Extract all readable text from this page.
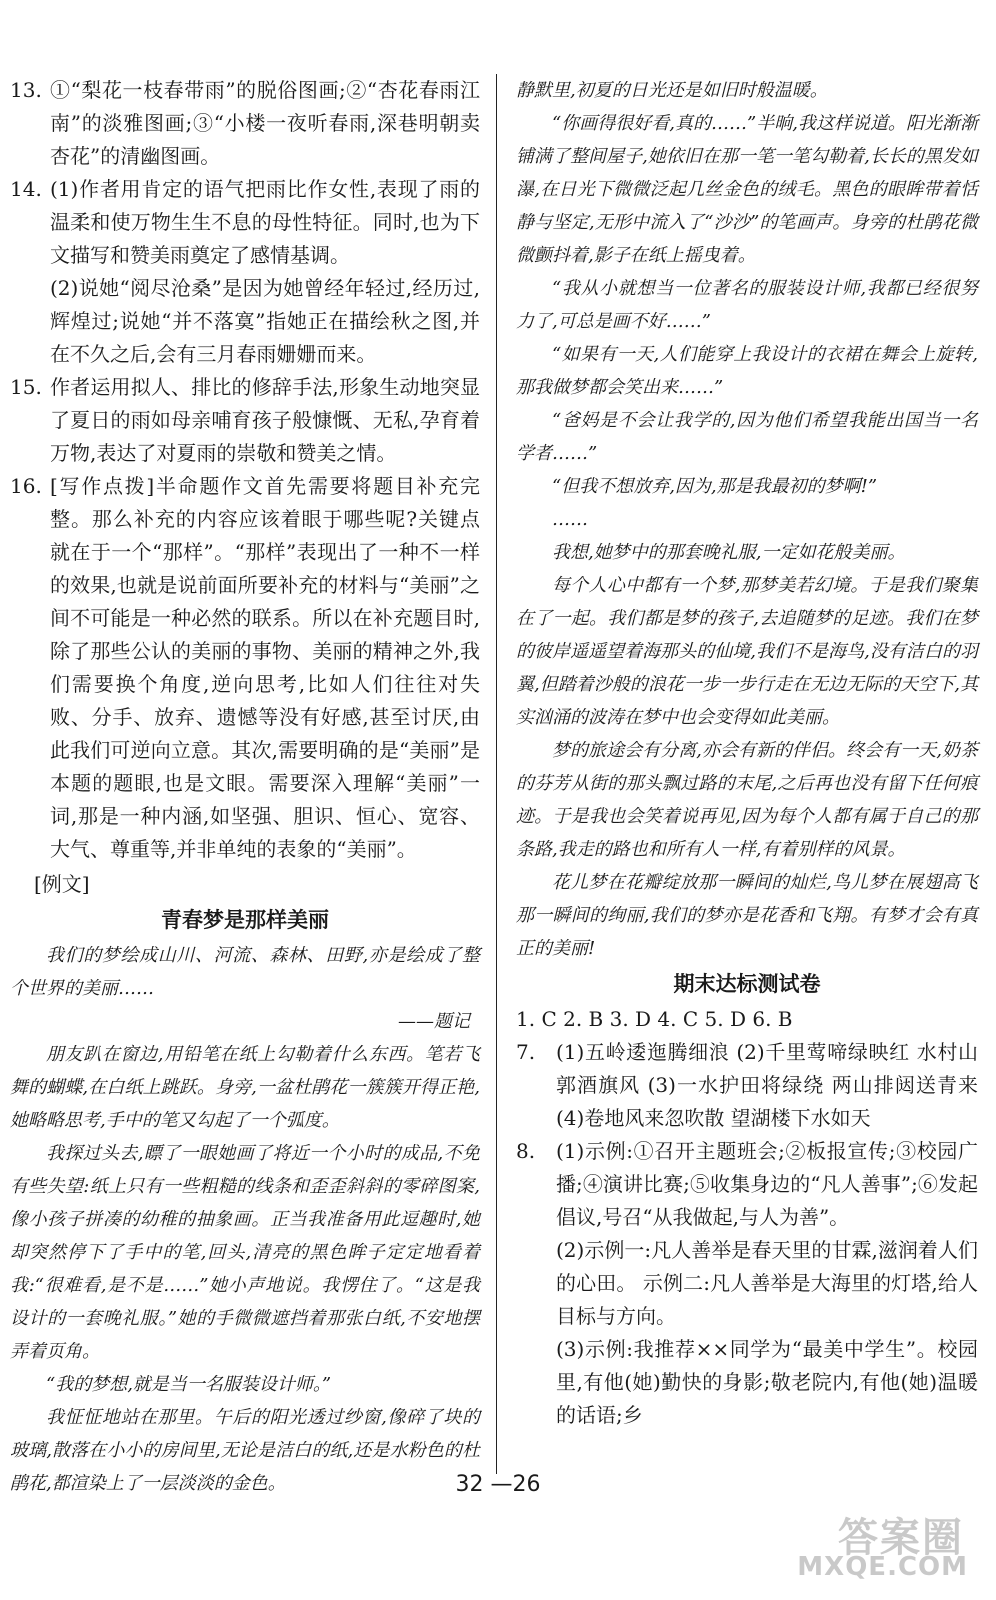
13. ①“梨花一枝春带雨”的脱俗图画;②“杏花春雨江南”的淡雅图画;③“小楼一夜听春雨,深巷明朝卖杏花”的清幽图画。

14. (1)作者用肯定的语气把雨比作女性,表现了雨的温柔和使万物生生不息的母性特征。同时,也为下文描写和赞美雨奠定了感情基调。

(2)说她“阅尽沧桑”是因为她曾经年轻过,经历过,辉煌过;说她“并不落寞”指她正在描绘秋之图,并在不久之后,会有三月春雨姗姗而来。

15. 作者运用拟人、排比的修辞手法,形象生动地突显了夏日的雨如母亲哺育孩子般慷慨、无私,孕育着万物,表达了对夏雨的崇敬和赞美之情。

16. [写作点拨]半命题作文首先需要将题目补充完整。那么补充的内容应该着眼于哪些呢?关键点就在于一个“那样”。“那样”表现出了一种不一样的效果,也就是说前面所要补充的材料与“美丽”之间不可能是一种必然的联系。所以在补充题目时,除了那些公认的美丽的事物、美丽的精神之外,我们需要换个角度,逆向思考,比如人们往往对失败、分手、放弃、遗憾等没有好感,甚至讨厌,由此我们可逆向立意。其次,需要明确的是“美丽”是本题的题眼,也是文眼。需要深入理解“美丽”一词,那是一种内涵,如坚强、胆识、恒心、宽容、大气、尊重等,并非单纯的表象的“美丽”。

[例文]
青春梦是那样美丽

我们的梦绘成山川、河流、森林、田野,亦是绘成了整个世界的美丽……

——题记

朋友趴在窗边,用铅笔在纸上勾勒着什么东西。笔若飞舞的蝴蝶,在白纸上跳跃。身旁,一盆杜鹃花一簇簇开得正艳,她略略思考,手中的笔又勾起了一个弧度。

我探过头去,瞟了一眼她画了将近一个小时的成品,不免有些失望:纸上只有一些粗糙的线条和歪歪斜斜的零碎图案,像小孩子拼凑的幼稚的抽象画。正当我准备用此逗趣时,她却突然停下了手中的笔,回头,清亮的黑色眸子定定地看着我:“很难看,是不是……”她小声地说。我愣住了。“这是我设计的一套晚礼服。”她的手微微遮挡着那张白纸,不安地摆弄着页角。

“我的梦想,就是当一名服装设计师。”

我怔怔地站在那里。午后的阳光透过纱窗,像碎了块的玻璃,散落在小小的房间里,无论是洁白的纸,还是水粉色的杜鹃花,都渲染上了一层淡淡的金色。

静默里,初夏的日光还是如旧时般温暖。

“你画得很好看,真的……”半晌,我这样说道。阳光渐渐铺满了整间屋子,她依旧在那一笔一笔勾勒着,长长的黑发如瀑,在日光下微微泛起几丝金色的绒毛。黑色的眼眸带着恬静与坚定,无形中流入了“沙沙”的笔画声。身旁的杜鹃花微微颤抖着,影子在纸上摇曳着。

“我从小就想当一位著名的服装设计师,我都已经很努力了,可总是画不好……”

“如果有一天,人们能穿上我设计的衣裙在舞会上旋转,那我做梦都会笑出来……”

“爸妈是不会让我学的,因为他们希望我能出国当一名学者……”

“但我不想放弃,因为,那是我最初的梦啊!”

……

我想,她梦中的那套晚礼服,一定如花般美丽。

每个人心中都有一个梦,那梦美若幻境。于是我们聚集在了一起。我们都是梦的孩子,去追随梦的足迹。我们在梦的彼岸遥遥望着海那头的仙境,我们不是海鸟,没有洁白的羽翼,但踏着沙般的浪花一步一步行走在无边无际的天空下,其实汹涌的波涛在梦中也会变得如此美丽。

梦的旅途会有分离,亦会有新的伴侣。终会有一天,奶茶的芬芳从街的那头飘过路的末尾,之后再也没有留下任何痕迹。于是我也会笑着说再见,因为每个人都有属于自己的那条路,我走的路也和所有人一样,有着别样的风景。

花儿梦在花瓣绽放那一瞬间的灿烂,鸟儿梦在展翅高飞那一瞬间的绚丽,我们的梦亦是花香和飞翔。有梦才会有真正的美丽!

期末达标测试卷

1. C 2. B 3. D 4. C 5. D 6. B

7.	(1)五岭逶迤腾细浪 (2)千里莺啼绿映红 水村山郭酒旗风 (3)一水护田将绿绕 两山排闼送青来 (4)卷地风来忽吹散 望湖楼下水如天

8.	(1)示例:①召开主题班会;②板报宣传;③校园广播;④演讲比赛;⑤收集身边的“凡人善事”;⑥发起倡议,号召“从我做起,与人为善”。

(2)示例一:凡人善举是春天里的甘霖,滋润着人们的心田。 示例二:凡人善举是大海里的灯塔,给人目标与方向。

(3)示例:我推荐××同学为“最美中学生”。校园里,有他(她)勤快的身影;敬老院内,有他(她)温暖的话语;乡

32 —26
答案圈
MXQE.COM
